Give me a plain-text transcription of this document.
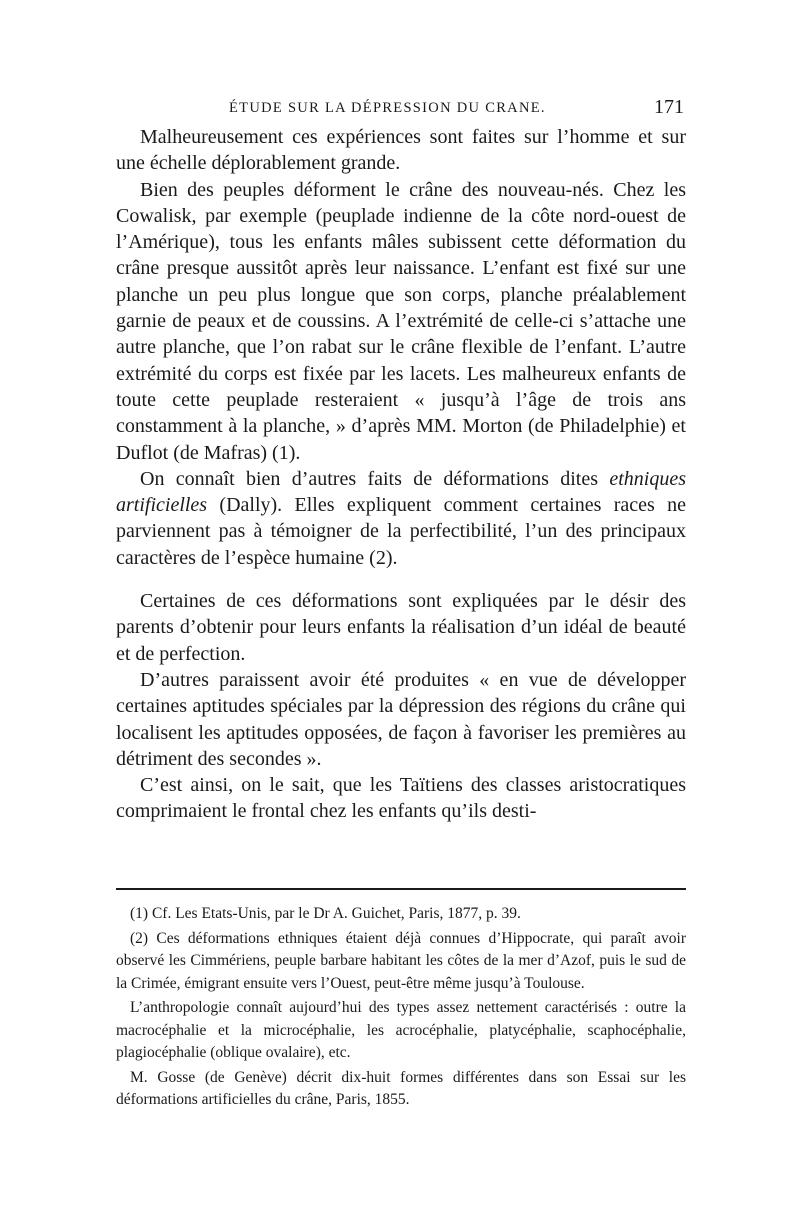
ÉTUDE SUR LA DÉPRESSION DU CRANE.	171

Malheureusement ces expériences sont faites sur l’homme et sur une échelle déplorablement grande.

Bien des peuples déforment le crâne des nouveau-nés. Chez les Cowalisk, par exemple (peuplade indienne de la côte nord-ouest de l’Amérique), tous les enfants mâles subissent cette déformation du crâne presque aussitôt après leur naissance. L’enfant est fixé sur une planche un peu plus longue que son corps, planche préalablement garnie de peaux et de coussins. A l’extrémité de celle-ci s’attache une autre planche, que l’on rabat sur le crâne flexible de l’enfant. L’autre extrémité du corps est fixée par les lacets. Les malheureux enfants de toute cette peuplade resteraient « jusqu’à l’âge de trois ans constamment à la planche, » d’après MM. Morton (de Philadelphie) et Duflot (de Mafras) (1).

On connaît bien d’autres faits de déformations dites ethniques artificielles (Dally). Elles expliquent comment certaines races ne parviennent pas à témoigner de la perfectibilité, l’un des principaux caractères de l’espèce humaine (2).

Certaines de ces déformations sont expliquées par le désir des parents d’obtenir pour leurs enfants la réalisation d’un idéal de beauté et de perfection.

D’autres paraissent avoir été produites « en vue de développer certaines aptitudes spéciales par la dépression des régions du crâne qui localisent les aptitudes opposées, de façon à favoriser les premières au détriment des secondes ».

C’est ainsi, on le sait, que les Taïtiens des classes aristocratiques comprimaient le frontal chez les enfants qu’ils desti-

(1) Cf. Les Etats-Unis, par le Dr A. Guichet, Paris, 1877, p. 39.

(2) Ces déformations ethniques étaient déjà connues d’Hippocrate, qui paraît avoir observé les Cimmériens, peuple barbare habitant les côtes de la mer d’Azof, puis le sud de la Crimée, émigrant ensuite vers l’Ouest, peut-être même jusqu’à Toulouse.

L’anthropologie connaît aujourd’hui des types assez nettement caractérisés : outre la macrocéphalie et la microcéphalie, les acrocéphalie, platycéphalie, scaphocéphalie, plagiocéphalie (oblique ovalaire), etc.

M. Gosse (de Genève) décrit dix-huit formes différentes dans son Essai sur les déformations artificielles du crâne, Paris, 1855.
